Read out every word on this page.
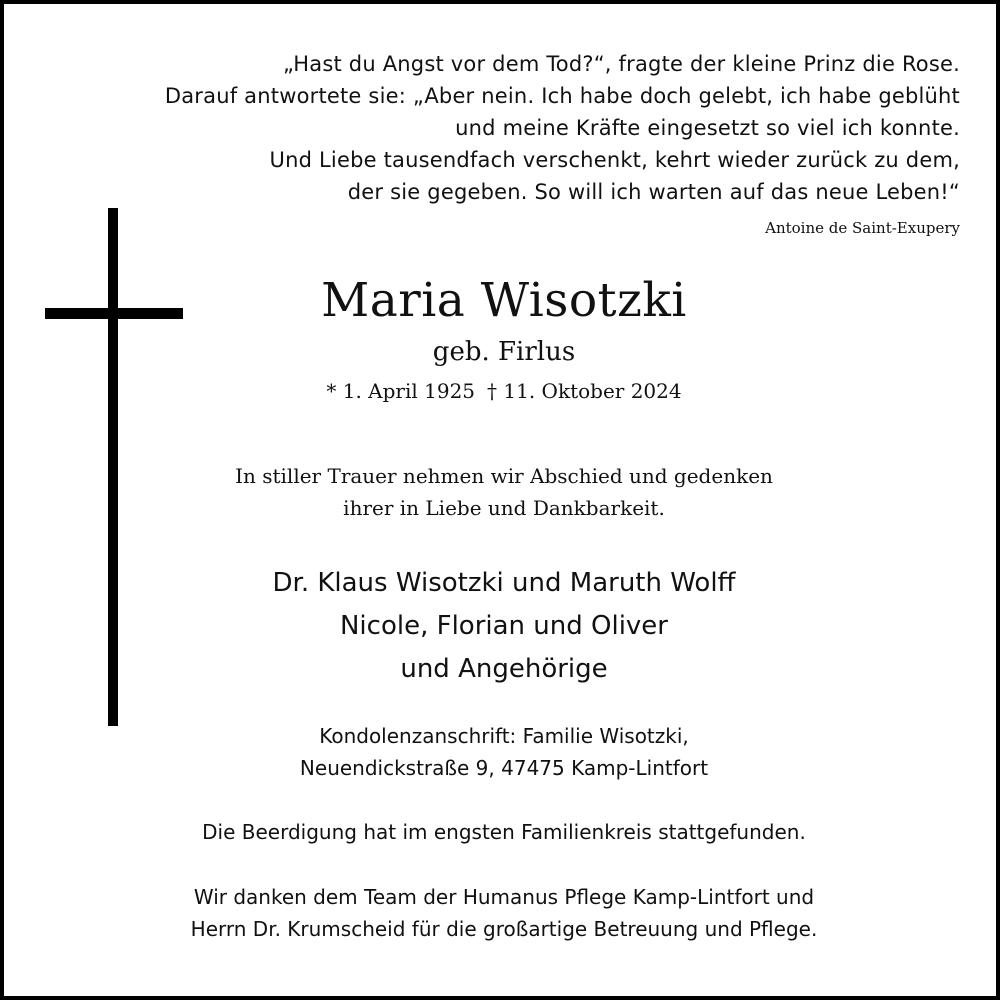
„Hast du Angst vor dem Tod?“, fragte der kleine Prinz die Rose.
Darauf antwortete sie: „Aber nein. Ich habe doch gelebt, ich habe geblüht
und meine Kräfte eingesetzt so viel ich konnte.
Und Liebe tausendfach verschenkt, kehrt wieder zurück zu dem,
der sie gegeben. So will ich warten auf das neue Leben!“
Antoine de Saint-Exupery
Maria Wisotzki
geb. Firlus
* 1. April 1925 † 11. Oktober 2024
In stiller Trauer nehmen wir Abschied und gedenken
ihrer in Liebe und Dankbarkeit.
Dr. Klaus Wisotzki und Maruth Wolff
Nicole, Florian und Oliver
und Angehörige
Kondolenzanschrift: Familie Wisotzki,
Neuendickstraße 9, 47475 Kamp-Lintfort
Die Beerdigung hat im engsten Familienkreis stattgefunden.
Wir danken dem Team der Humanus Pflege Kamp-Lintfort und
Herrn Dr. Krumscheid für die großartige Betreuung und Pflege.
